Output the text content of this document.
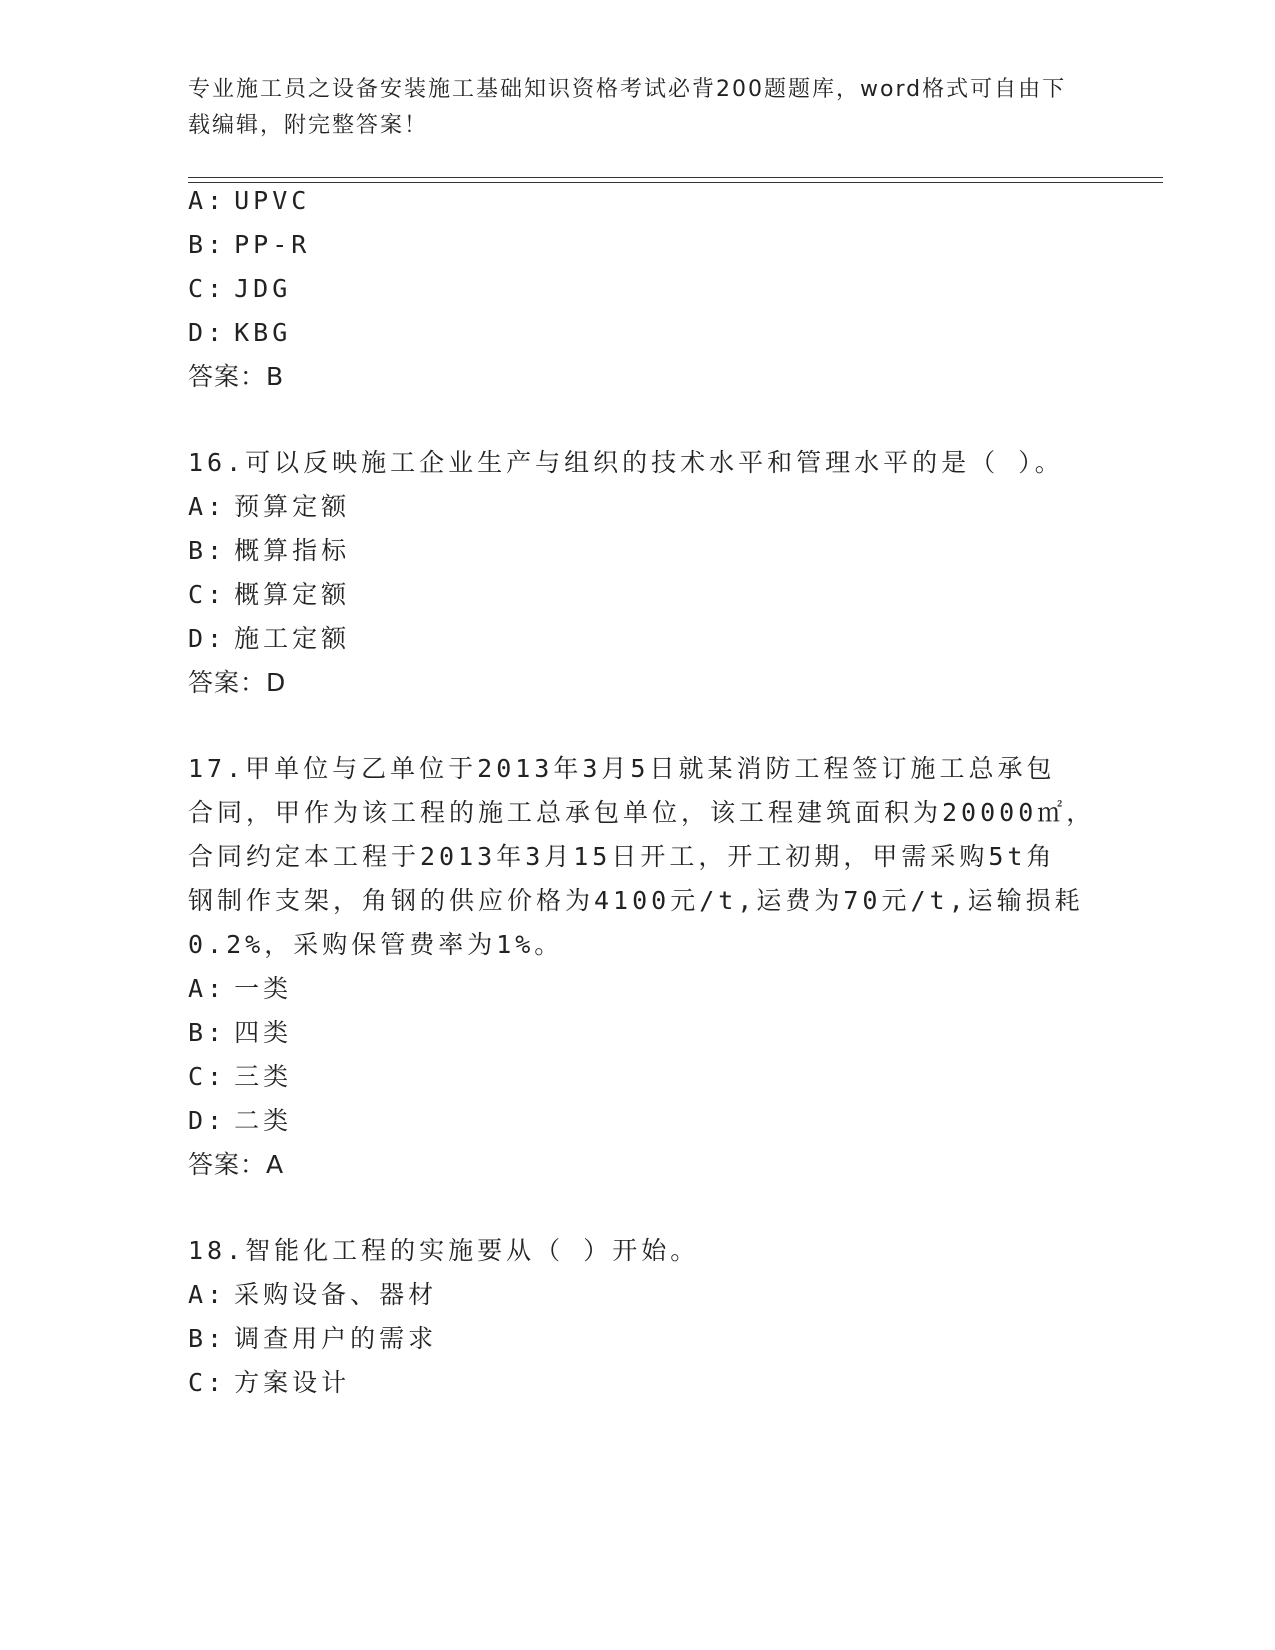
专业施工员之设备安装施工基础知识资格考试必背200题题库，word格式可自由下载编辑，附完整答案！
A: UPVC
B: PP-R
C: JDG
D: KBG
答案：B
16.可以反映施工企业生产与组织的技术水平和管理水平的是（ ）。
A: 预算定额
B: 概算指标
C: 概算定额
D: 施工定额
答案：D
17.甲单位与乙单位于2013年3月5日就某消防工程签订施工总承包
合同，甲作为该工程的施工总承包单位，该工程建筑面积为20000㎡，
合同约定本工程于2013年3月15日开工，开工初期，甲需采购5t角
钢制作支架，角钢的供应价格为4100元/t,运费为70元/t,运输损耗
0.2%，采购保管费率为1%。
A: 一类
B: 四类
C: 三类
D: 二类
答案：A
18.智能化工程的实施要从（ ）开始。
A: 采购设备、器材
B: 调查用户的需求
C: 方案设计
